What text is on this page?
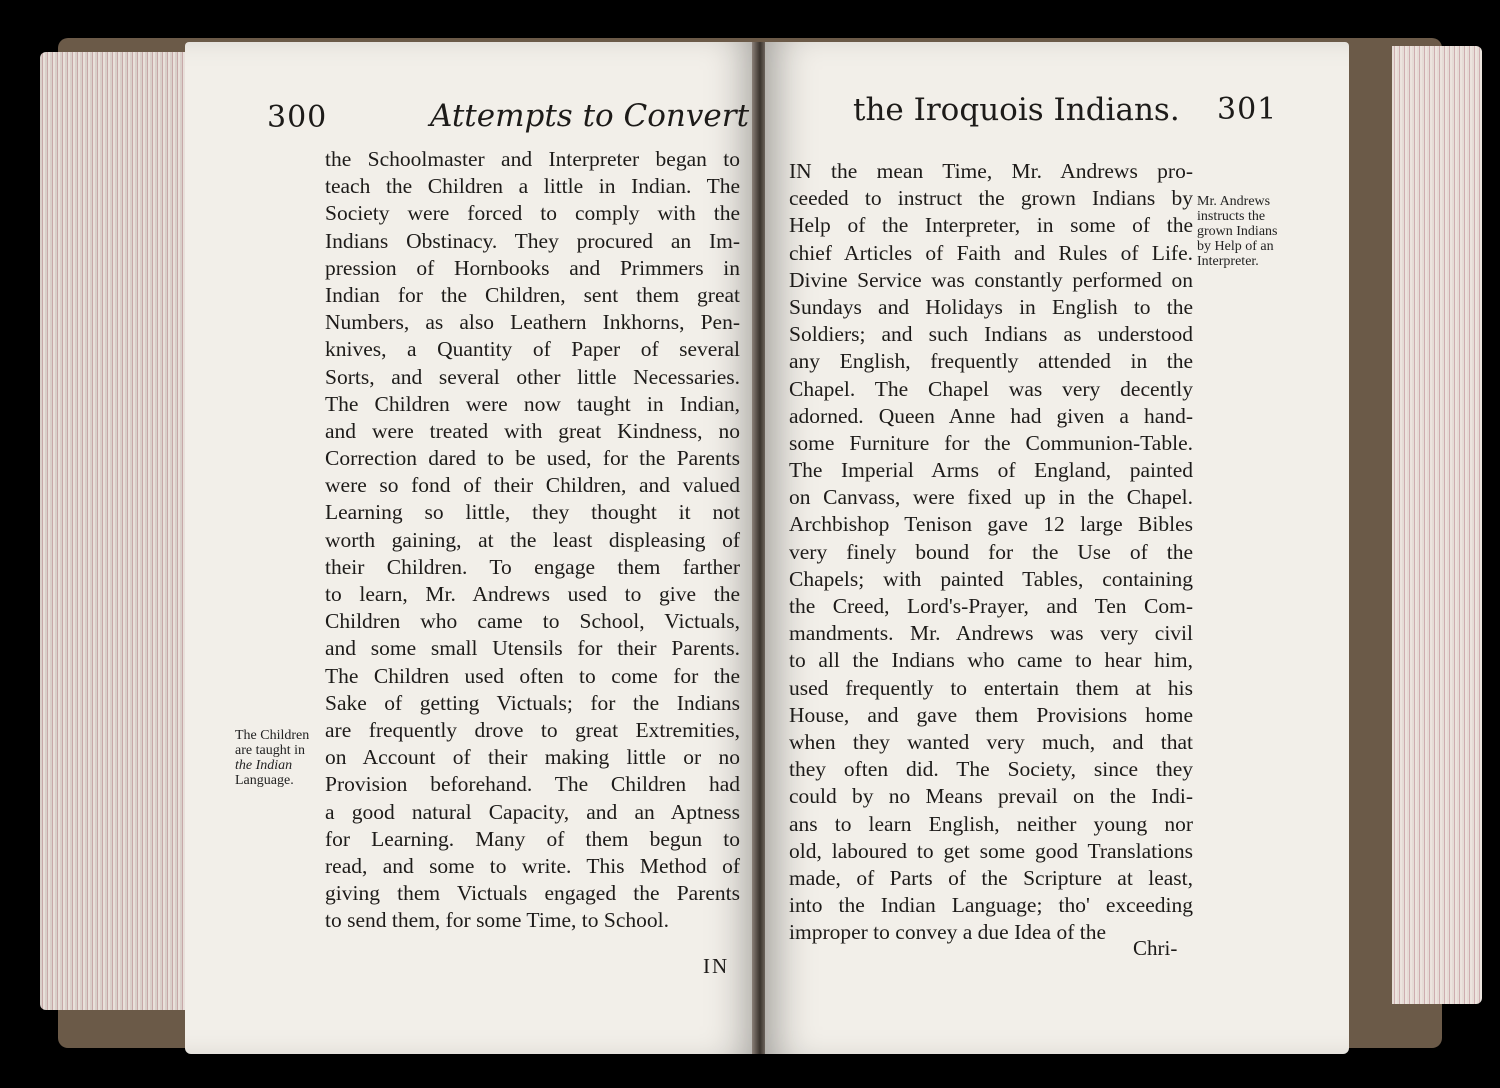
300	Attempts to Convert
the Schoolmaster and Interpreter began to
teach the Children a little in Indian. The
Society were forced to comply with the
Indians Obstinacy. They procured an Im-
pression of Hornbooks and Primmers in
Indian for the Children, sent them great
Numbers, as also Leathern Inkhorns, Pen-
knives, a Quantity of Paper of several
Sorts, and several other little Necessaries.
The Children were now taught in Indian,
and were treated with great Kindness, no
Correction dared to be used, for the Parents
were so fond of their Children, and valued
Learning so little, they thought it not
worth gaining, at the least displeasing of
their Children. To engage them farther
to learn, Mr. Andrews used to give the
Children who came to School, Victuals,
and some small Utensils for their Parents.
The Children used often to come for the
Sake of getting Victuals; for the Indians
are frequently drove to great Extremities,
on Account of their making little or no
Provision beforehand. The Children had
a good natural Capacity, and an Aptness
for Learning. Many of them begun to
read, and some to write. This Method of
giving them Victuals engaged the Parents
to send them, for some Time, to School.
The Children
are taught in
the Indian
Language.
IN
the Iroquois Indians. 301
IN the mean Time, Mr. Andrews pro-
ceeded to instruct the grown Indians by
Help of the Interpreter, in some of the
chief Articles of Faith and Rules of Life.
Divine Service was constantly performed on
Sundays and Holidays in English to the
Soldiers; and such Indians as understood
any English, frequently attended in the
Chapel. The Chapel was very decently
adorned. Queen Anne had given a hand-
some Furniture for the Communion-Table.
The Imperial Arms of England, painted
on Canvass, were fixed up in the Chapel.
Archbishop Tenison gave 12 large Bibles
very finely bound for the Use of the
Chapels; with painted Tables, containing
the Creed, Lord's-Prayer, and Ten Com-
mandments. Mr. Andrews was very civil
to all the Indians who came to hear him,
used frequently to entertain them at his
House, and gave them Provisions home
when they wanted very much, and that
they often did. The Society, since they
could by no Means prevail on the Indi-
ans to learn English, neither young nor
old, laboured to get some good Translations
made, of Parts of the Scripture at least,
into the Indian Language; tho' exceeding
improper to convey a due Idea of the
Mr. Andrews
instructs the
grown Indians
by Help of an
Interpreter.
Chri-
